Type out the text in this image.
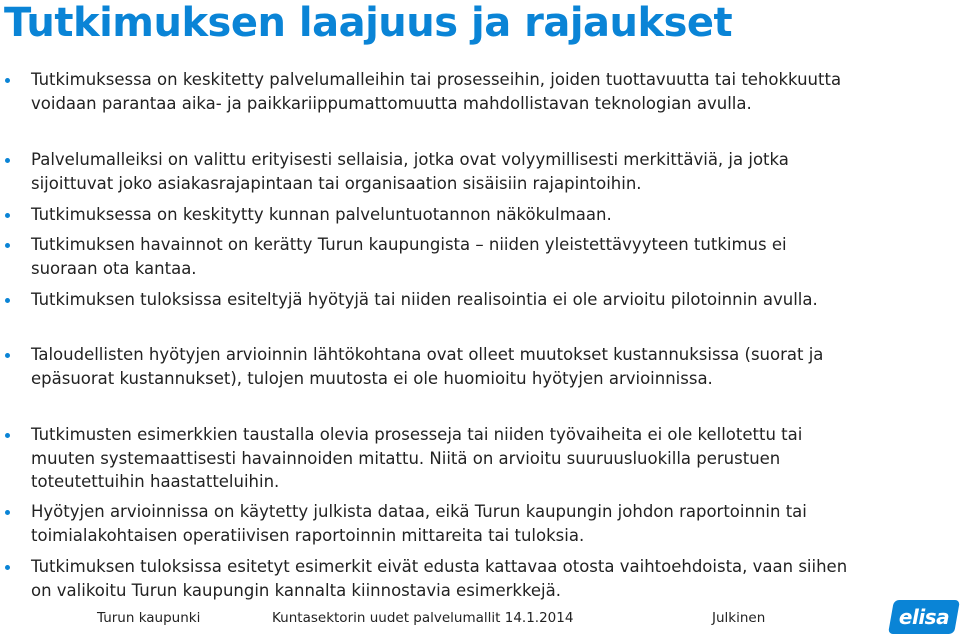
Tutkimuksen laajuus ja rajaukset
Tutkimuksessa on keskitetty palvelumalleihin tai prosesseihin, joiden tuottavuutta tai tehokkuutta voidaan parantaa aika- ja paikkariippumattomuutta mahdollistavan teknologian avulla.
Palvelumalleiksi on valittu erityisesti sellaisia, jotka ovat volyymillisesti merkittäviä, ja jotka sijoittuvat joko asiakasrajapintaan tai organisaation sisäisiin rajapintoihin.
Tutkimuksessa on keskitytty kunnan palveluntuotannon näkökulmaan.
Tutkimuksen havainnot on kerätty Turun kaupungista – niiden yleistettävyyteen tutkimus ei suoraan ota kantaa.
Tutkimuksen tuloksissa esiteltyjä hyötyjä tai niiden realisointia ei ole arvioitu pilotoinnin avulla.
Taloudellisten hyötyjen arvioinnin lähtökohtana ovat olleet muutokset kustannuksissa (suorat ja epäsuorat kustannukset), tulojen muutosta ei ole huomioitu hyötyjen arvioinnissa.
Tutkimusten esimerkkien taustalla olevia prosesseja tai niiden työvaiheita ei ole kellotettu tai muuten systemaattisesti havainnoiden mitattu. Niitä on arvioitu suuruusluokilla perustuen toteutettuihin haastatteluihin.
Hyötyjen arvioinnissa on käytetty julkista dataa, eikä Turun kaupungin johdon raportoinnin tai toimialakohtaisen operatiivisen raportoinnin mittareita tai tuloksia.
Tutkimuksen tuloksissa esitetyt esimerkit eivät edusta kattavaa otosta vaihtoehdoista, vaan siihen on valikoitu Turun kaupungin kannalta kiinnostavia esimerkkejä.
Turun kaupunki	Kuntasektorin uudet palvelumallit 14.1.2014	Julkinen	elisa
